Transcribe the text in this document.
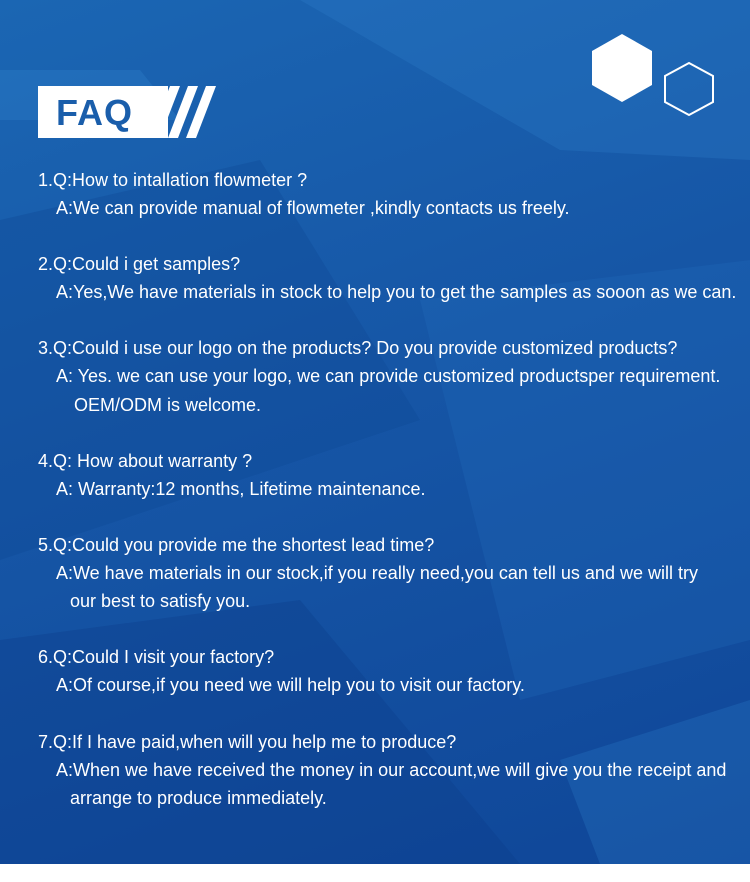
FAQ
1.Q:How to intallation flowmeter ?
A:We can provide manual of flowmeter ,kindly contacts us freely.
2.Q:Could i get samples?
A:Yes,We have materials in stock to help you to get the samples as sooon as we can.
3.Q:Could i use our logo on the products? Do you provide customized products?
A: Yes. we can use your logo, we can provide customized productsper requirement.
OEM/ODM is welcome.
4.Q: How about warranty ?
A: Warranty:12 months, Lifetime maintenance.
5.Q:Could you provide me the shortest lead time?
A:We have materials in our stock,if you really need,you can tell us and we will try
our best to satisfy you.
6.Q:Could I visit your factory?
A:Of course,if you need we will help you to visit our factory.
7.Q:If I have paid,when will you help me to produce?
A:When we have received the money in our account,we will give you the receipt and
arrange to produce immediately.
